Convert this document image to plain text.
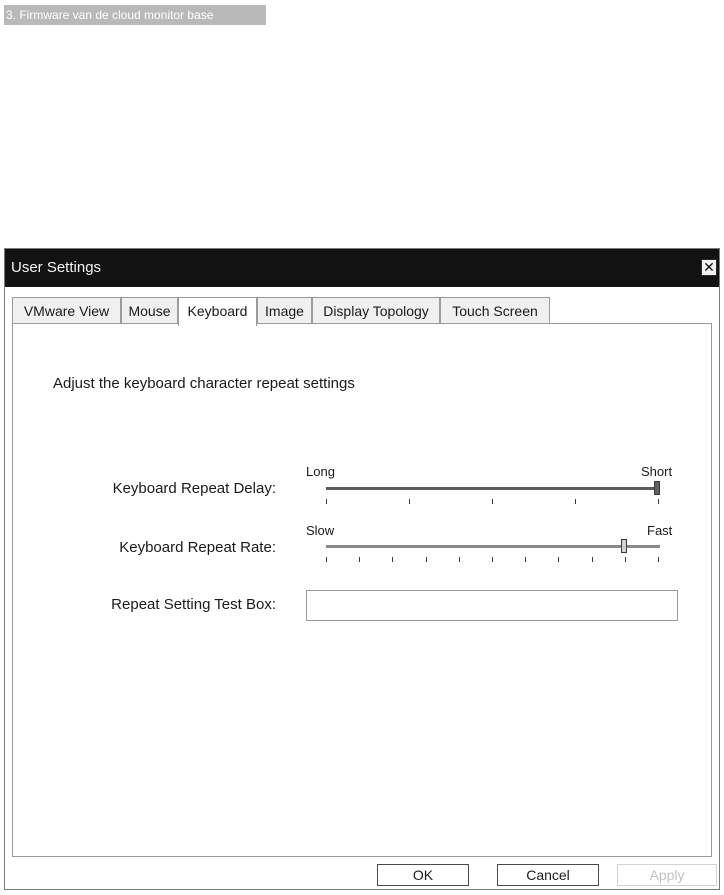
3. Firmware van de cloud monitor base
User Settings	✕
VMware View	Mouse	Keyboard	Image	Display Topology	Touch Screen
Adjust the keyboard character repeat settings
Keyboard Repeat Delay:
Long	Short
Keyboard Repeat Rate:
Slow	Fast
Repeat Setting Test Box:
OK	Cancel	Apply
